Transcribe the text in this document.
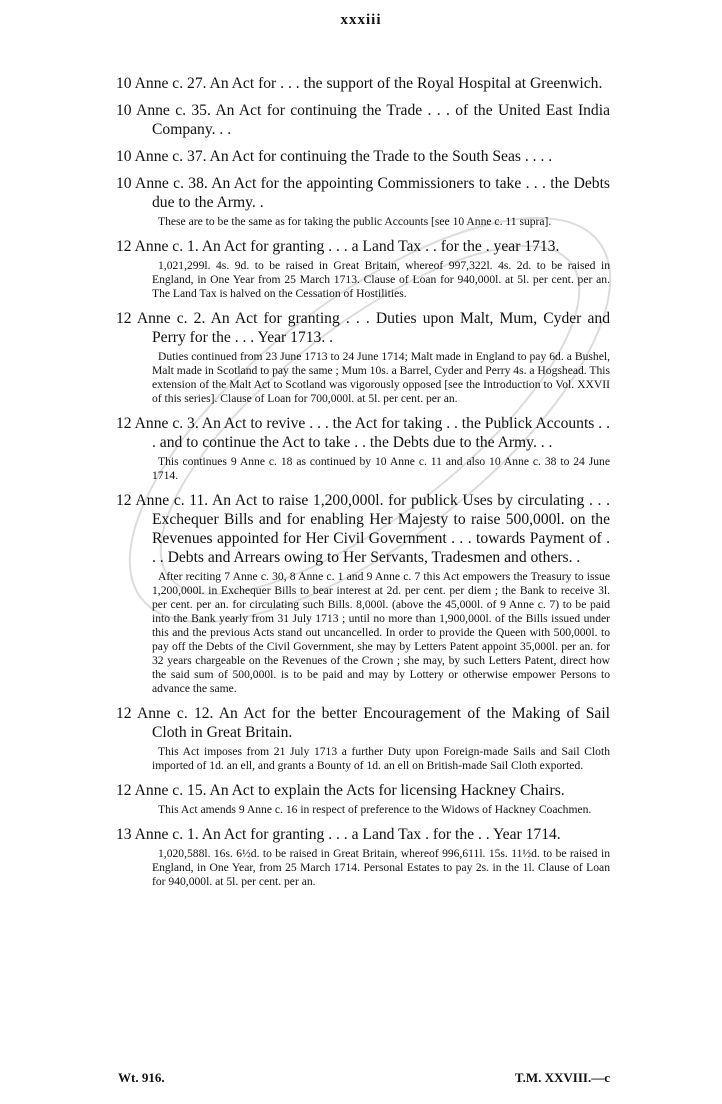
xxxiii
10 Anne c. 27. An Act for . . . the support of the Royal Hospital at Greenwich.
10 Anne c. 35. An Act for continuing the Trade . . . of the United East India Company. . .
10 Anne c. 37. An Act for continuing the Trade to the South Seas . . . .
10 Anne c. 38. An Act for the appointing Commissioners to take . . . the Debts due to the Army. .
These are to be the same as for taking the public Accounts [see 10 Anne c. 11 supra].
12 Anne c. 1. An Act for granting . . . a Land Tax . . for the . year 1713.
1,021,299l. 4s. 9d. to be raised in Great Britain, whereof 997,322l. 4s. 2d. to be raised in England, in One Year from 25 March 1713. Clause of Loan for 940,000l. at 5l. per cent. per an. The Land Tax is halved on the Cessation of Hostilities.
12 Anne c. 2. An Act for granting . . . Duties upon Malt, Mum, Cyder and Perry for the . . . Year 1713. .
Duties continued from 23 June 1713 to 24 June 1714; Malt made in England to pay 6d. a Bushel, Malt made in Scotland to pay the same ; Mum 10s. a Barrel, Cyder and Perry 4s. a Hogshead. This extension of the Malt Act to Scotland was vigorously opposed [see the Introduction to Vol. XXVII of this series]. Clause of Loan for 700,000l. at 5l. per cent. per an.
12 Anne c. 3. An Act to revive . . . the Act for taking . . the Publick Accounts . . . and to continue the Act to take . . the Debts due to the Army. . .
This continues 9 Anne c. 18 as continued by 10 Anne c. 11 and also 10 Anne c. 38 to 24 June 1714.
12 Anne c. 11. An Act to raise 1,200,000l. for publick Uses by circulating . . . Exchequer Bills and for enabling Her Majesty to raise 500,000l. on the Revenues appointed for Her Civil Government . . . towards Payment of . . . Debts and Arrears owing to Her Servants, Tradesmen and others. .
After reciting 7 Anne c. 30, 8 Anne c. 1 and 9 Anne c. 7 this Act empowers the Treasury to issue 1,200,000l. in Exchequer Bills to bear interest at 2d. per cent. per diem ; the Bank to receive 3l. per cent. per an. for circulating such Bills. 8,000l. (above the 45,000l. of 9 Anne c. 7) to be paid into the Bank yearly from 31 July 1713 ; until no more than 1,900,000l. of the Bills issued under this and the previous Acts stand out uncancelled. In order to provide the Queen with 500,000l. to pay off the Debts of the Civil Government, she may by Letters Patent appoint 35,000l. per an. for 32 years chargeable on the Revenues of the Crown ; she may, by such Letters Patent, direct how the said sum of 500,000l. is to be paid and may by Lottery or otherwise empower Persons to advance the same.
12 Anne c. 12. An Act for the better Encouragement of the Making of Sail Cloth in Great Britain.
This Act imposes from 21 July 1713 a further Duty upon Foreign-made Sails and Sail Cloth imported of 1d. an ell, and grants a Bounty of 1d. an ell on British-made Sail Cloth exported.
12 Anne c. 15. An Act to explain the Acts for licensing Hackney Chairs.
This Act amends 9 Anne c. 16 in respect of preference to the Widows of Hackney Coachmen.
13 Anne c. 1. An Act for granting . . . a Land Tax . for the . . Year 1714.
1,020,588l. 16s. 6½d. to be raised in Great Britain, whereof 996,611l. 15s. 11½d. to be raised in England, in One Year, from 25 March 1714. Personal Estates to pay 2s. in the 1l. Clause of Loan for 940,000l. at 5l. per cent. per an.
Wt. 916.	T.M. XXVIII.—c
